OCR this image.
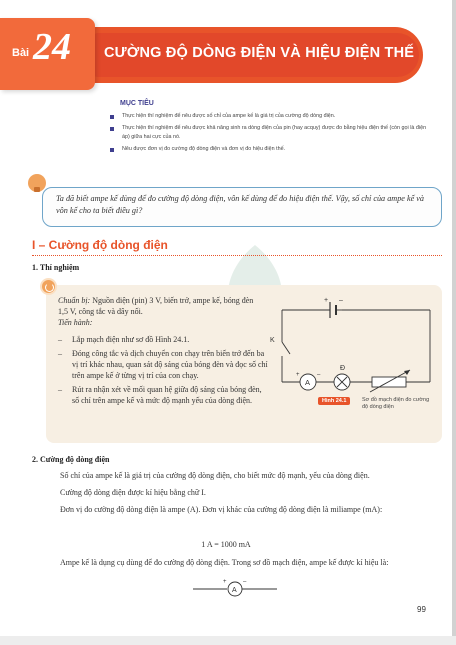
Bài 24 CƯỜNG ĐỘ DÒNG ĐIỆN VÀ HIỆU ĐIỆN THẾ
MỤC TIÊU
Thực hiện thí nghiệm để nêu được số chỉ của ampe kế là giá trị của cường độ dòng điện.
Thực hiện thí nghiệm để nêu được khả năng sinh ra dòng điện của pin (hay acquy) được đo bằng hiệu điện thế (còn gọi là điện áp) giữa hai cực của nó.
Nêu được đơn vị đo cường độ dòng điện và đơn vị đo hiệu điện thế.
Ta đã biết ampe kế dùng để đo cường độ dòng điện, vôn kế dùng để đo hiệu điện thế. Vậy, số chỉ của ampe kế và vôn kế cho ta biết điều gì?
I – Cường độ dòng điện
1. Thí nghiệm
Chuẩn bị: Nguồn điện (pin) 3 V, biến trở, ampe kế, bóng đèn 1,5 V, công tắc và dây nối.
Tiến hành:
– Lắp mạch điện như sơ đồ Hình 24.1.
– Đóng công tắc và dịch chuyển con chạy trên biến trở đến ba vị trí khác nhau, quan sát độ sáng của bóng đèn và đọc số chỉ trên ampe kế ở từng vị trí của con chạy.
– Rút ra nhận xét về mối quan hệ giữa độ sáng của bóng đèn, số chỉ trên ampe kế và mức độ mạnh yếu của dòng điện.
+ –
K
A
Đ
+	–
Hình 24.1	Sơ đồ mạch điện đo cường độ dòng điện
2. Cường độ dòng điện
Số chỉ của ampe kế là giá trị của cường độ dòng điện, cho biết mức độ mạnh, yếu của dòng điện.
Cường độ dòng điện được kí hiệu bằng chữ I.
Đơn vị đo cường độ dòng điện là ampe (A). Đơn vị khác của cường độ dòng điện là miliampe (mA):
1 A = 1000 mA
Ampe kế là dụng cụ dùng để đo cường độ dòng điện. Trong sơ đồ mạch điện, ampe kế được kí hiệu là:
A
+	–
99
